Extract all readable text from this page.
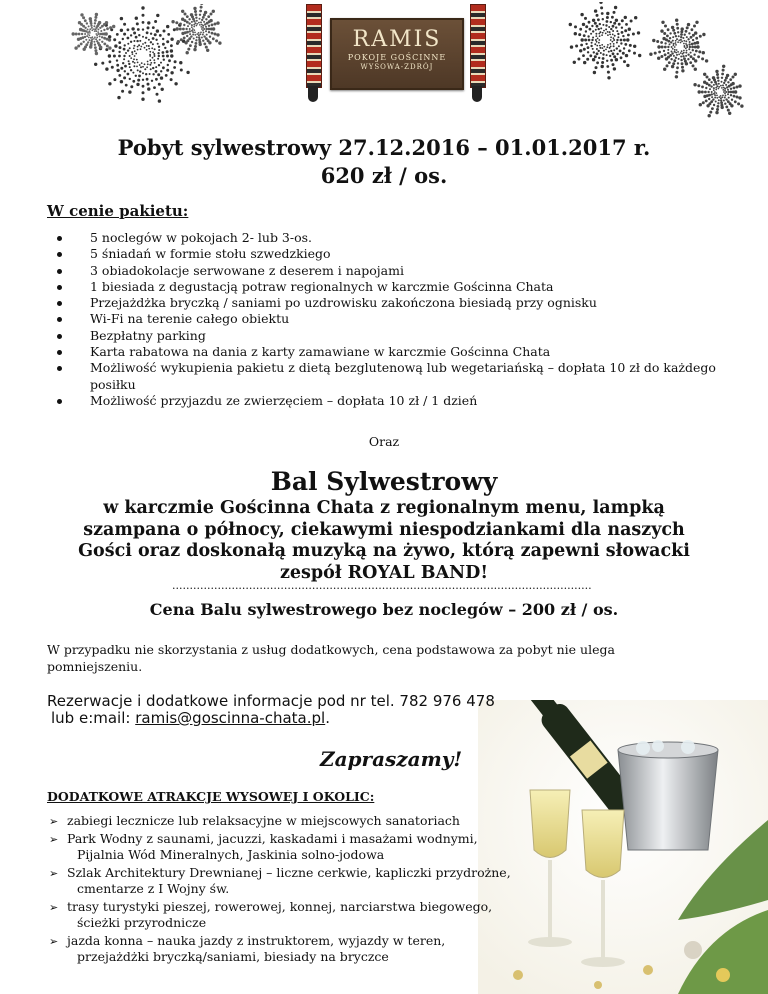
RAMIS
POKOJE GOŚCINNE
WYSOWA-ZDRÓJ
Pobyt sylwestrowy 27.12.2016 – 01.01.2017 r.
620 zł / os.
W cenie pakietu:
5 noclegów w pokojach 2- lub 3-os.
5 śniadań w formie stołu szwedzkiego
3 obiadokolacje serwowane z deserem i napojami
1 biesiada z degustacją potraw regionalnych w karczmie Gościnna Chata
Przejażdżka bryczką / saniami po uzdrowisku zakończona biesiadą przy ognisku
Wi-Fi na terenie całego obiektu
Bezpłatny parking
Karta rabatowa na dania z karty zamawiane w karczmie Gościnna Chata
Możliwość wykupienia pakietu z dietą bezglutenową lub wegetariańską – dopłata 10 zł do każdego posiłku
Możliwość przyjazdu ze zwierzęciem – dopłata 10 zł / 1 dzień
Oraz
Bal Sylwestrowy
w karczmie Gościnna Chata z regionalnym menu, lampką szampana o północy, ciekawymi niespodziankami dla naszych Gości oraz doskonałą muzyką na żywo, którą zapewni słowacki zespół ROYAL BAND!
........................................................................................................................
Cena Balu sylwestrowego bez noclegów – 200 zł / os.
W przypadku nie skorzystania z usług dodatkowych, cena podstawowa za pobyt nie ulega pomniejszeniu.
Rezerwacje i dodatkowe informacje pod nr tel. 782 976 478
lub e:mail: ramis@goscinna-chata.pl.
Zapraszamy!
DODATKOWE ATRAKCJE WYSOWEJ I OKOLIC:
➢ zabiegi lecznicze lub relaksacyjne w miejscowych sanatoriach
➢ Park Wodny z saunami, jacuzzi, kaskadami i masażami wodnymi,
Pijalnia Wód Mineralnych, Jaskinia solno-jodowa
➢ Szlak Architektury Drewnianej – liczne cerkwie, kapliczki przydrożne,
cmentarze z I Wojny św.
➢ trasy turystyki pieszej, rowerowej, konnej, narciarstwa biegowego,
ścieżki przyrodnicze
➢ jazda konna – nauka jazdy z instruktorem, wyjazdy w teren,
przejażdżki bryczką/saniami, biesiady na bryczce
